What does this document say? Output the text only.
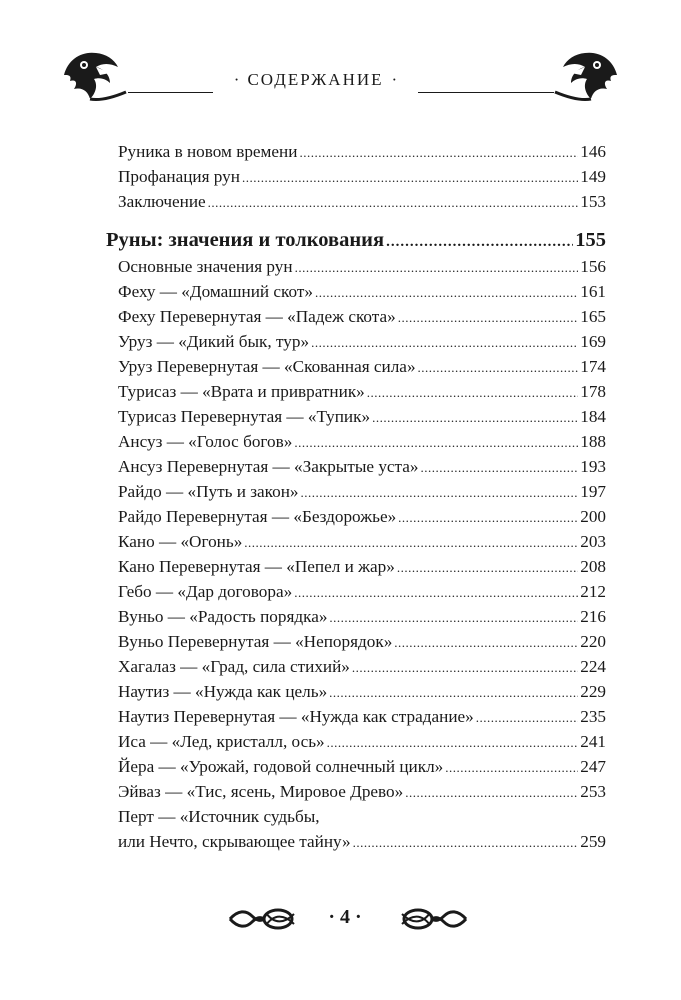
· СОДЕРЖАНИЕ ·
Руника в новом времени .....	146
Профанация рун .....	149
Заключение .....	153
Руны: значения и толкования .....	155
Основные значения рун .....	156
Феху — «Домашний скот» .....	161
Феху Перевернутая — «Падеж скота» .....	165
Уруз — «Дикий бык, тур» .....	169
Уруз Перевернутая — «Скованная сила» .....	174
Турисаз — «Врата и привратник» .....	178
Турисаз Перевернутая — «Тупик» .....	184
Ансуз — «Голос богов» .....	188
Ансуз Перевернутая — «Закрытые уста» .....	193
Райдо — «Путь и закон» .....	197
Райдо Перевернутая — «Бездорожье» .....	200
Кано — «Огонь» .....	203
Кано Перевернутая — «Пепел и жар» .....	208
Гебо — «Дар договора» .....	212
Вуньо — «Радость порядка» .....	216
Вуньо Перевернутая — «Непорядок» .....	220
Хагалаз — «Град, сила стихий» .....	224
Наутиз — «Нужда как цель» .....	229
Наутиз Перевернутая — «Нужда как страдание» .....	235
Иса — «Лед, кристалл, ось» .....	241
Йера — «Урожай, годовой солнечный цикл» .....	247
Эйваз — «Тис, ясень, Мировое Древо» .....	253
Перт — «Источник судьбы,
или Нечто, скрывающее тайну» .....	259
· 4 ·
